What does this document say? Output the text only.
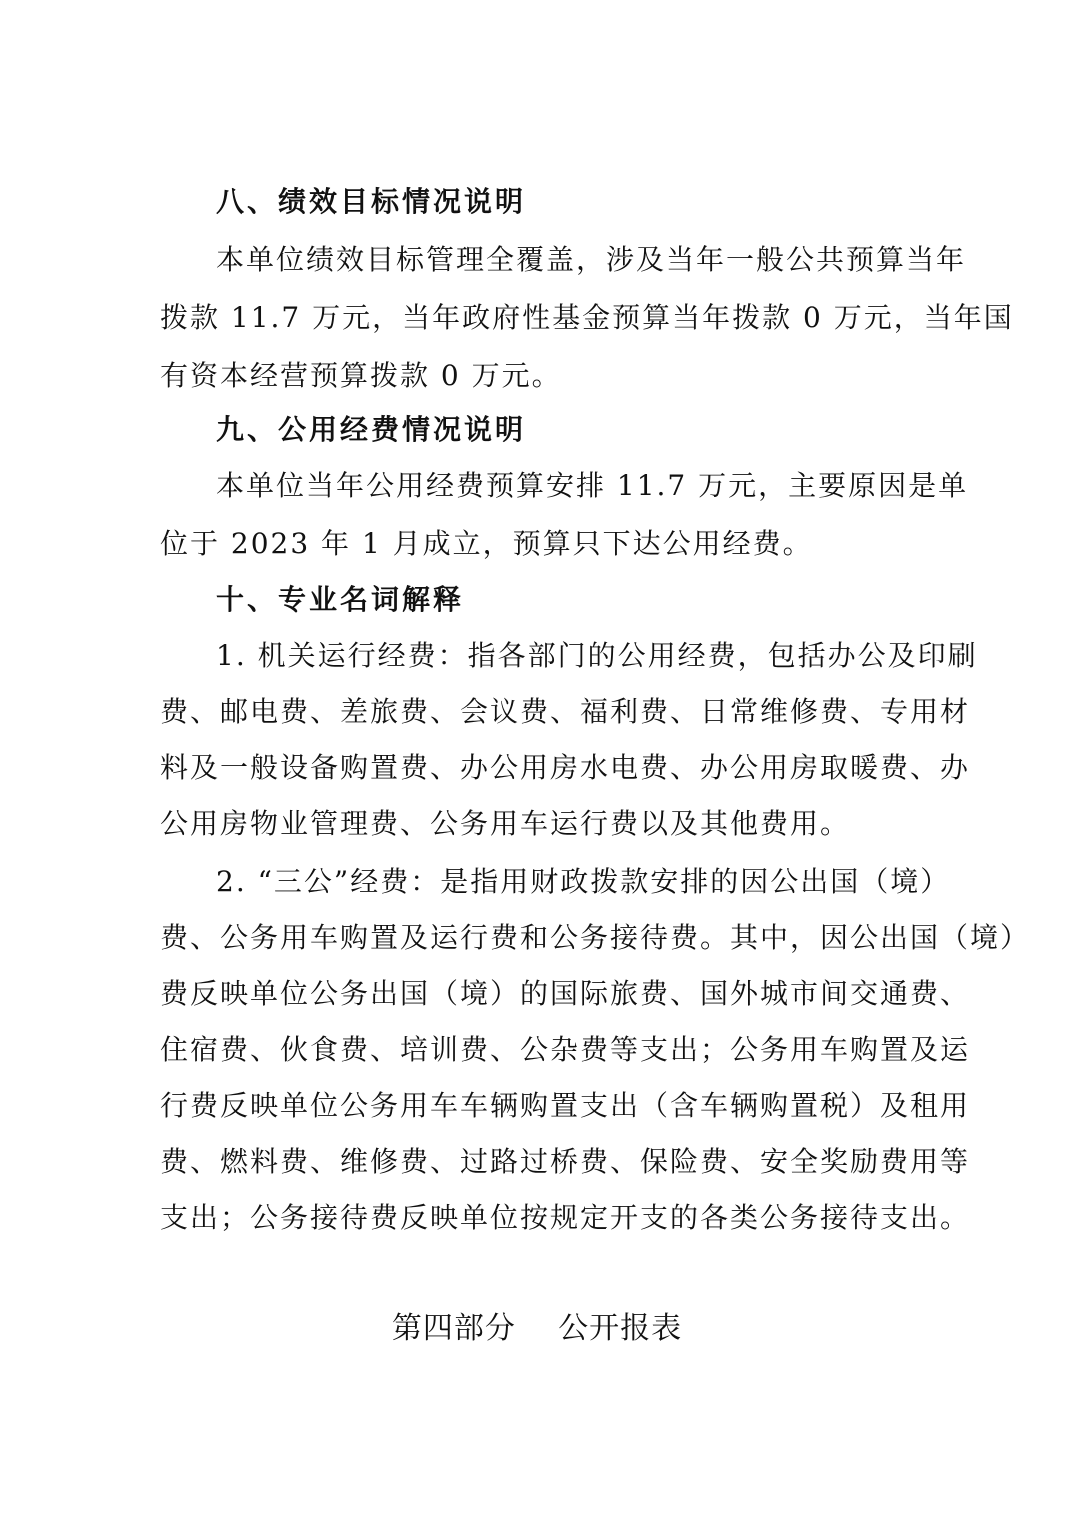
八、绩效目标情况说明
本单位绩效目标管理全覆盖，涉及当年一般公共预算当年
拨款 11.7 万元，当年政府性基金预算当年拨款 0 万元，当年国
有资本经营预算拨款 0 万元。
九、公用经费情况说明
本单位当年公用经费预算安排 11.7 万元，主要原因是单
位于 2023 年 1 月成立，预算只下达公用经费。
十、专业名词解释
1. 机关运行经费：指各部门的公用经费，包括办公及印刷
费、邮电费、差旅费、会议费、福利费、日常维修费、专用材
料及一般设备购置费、办公用房水电费、办公用房取暖费、办
公用房物业管理费、公务用车运行费以及其他费用。
2. “三公”经费：是指用财政拨款安排的因公出国（境）
费、公务用车购置及运行费和公务接待费。其中，因公出国（境）
费反映单位公务出国（境）的国际旅费、国外城市间交通费、
住宿费、伙食费、培训费、公杂费等支出；公务用车购置及运
行费反映单位公务用车车辆购置支出（含车辆购置税）及租用
费、燃料费、维修费、过路过桥费、保险费、安全奖励费用等
支出；公务接待费反映单位按规定开支的各类公务接待支出。
第四部分    公开报表
